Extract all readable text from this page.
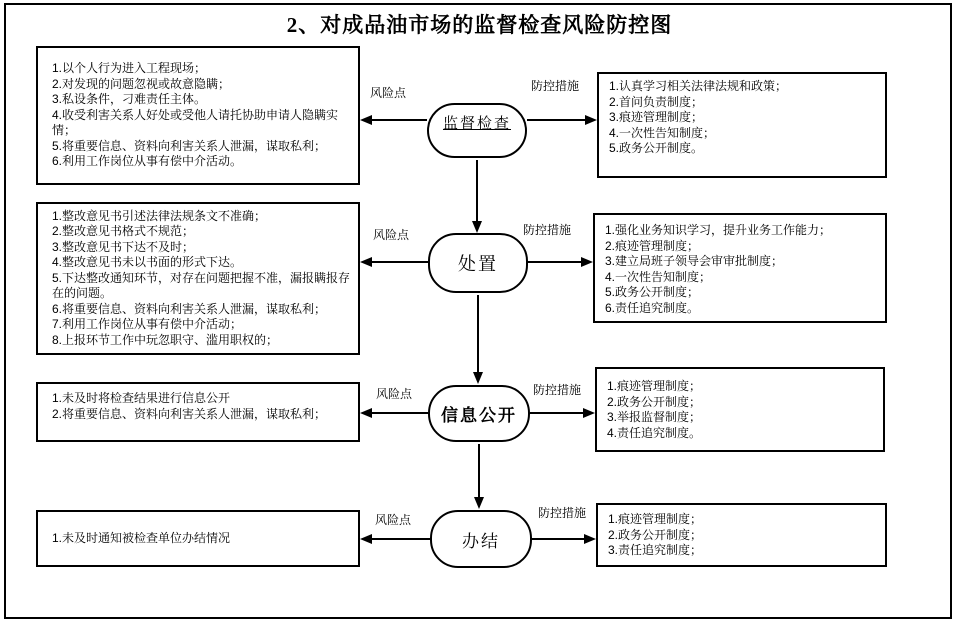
2、对成品油市场的监督检查风险防控图
1.以个人行为进入工程现场；
2.对发现的问题忽视或故意隐瞒；
3.私设条件，刁难责任主体。
4.收受利害关系人好处或受他人请托协助申请人隐瞒实情；
5.将重要信息、资料向利害关系人泄漏，谋取私利；
6.利用工作岗位从事有偿中介活动。
监督检查
1.认真学习相关法律法规和政策；
2.首问负责制度；
3.痕迹管理制度；
4.一次性告知制度；
5.政务公开制度。
风险点	防控措施
1.整改意见书引述法律法规条文不准确；
2.整改意见书格式不规范；
3.整改意见书下达不及时；
4.整改意见书未以书面的形式下达。
5.下达整改通知环节，对存在问题把握不准，漏报瞒报存在的问题。
6.将重要信息、资料向利害关系人泄漏，谋取私利；
7.利用工作岗位从事有偿中介活动；
8.上报环节工作中玩忽职守、滥用职权的；
处置
1.强化业务知识学习，提升业务工作能力；
2.痕迹管理制度；
3.建立局班子领导会审审批制度；
4.一次性告知制度；
5.政务公开制度；
6.责任追究制度。
风险点	防控措施
1.未及时将检查结果进行信息公开
2.将重要信息、资料向利害关系人泄漏，谋取私利；	信息公开
1.痕迹管理制度；
2.政务公开制度；
3.举报监督制度；
4.责任追究制度。
风险点	防控措施
1.未及时通知被检查单位办结情况	办结
1.痕迹管理制度；
2.政务公开制度；
3.责任追究制度；
风险点	防控措施
